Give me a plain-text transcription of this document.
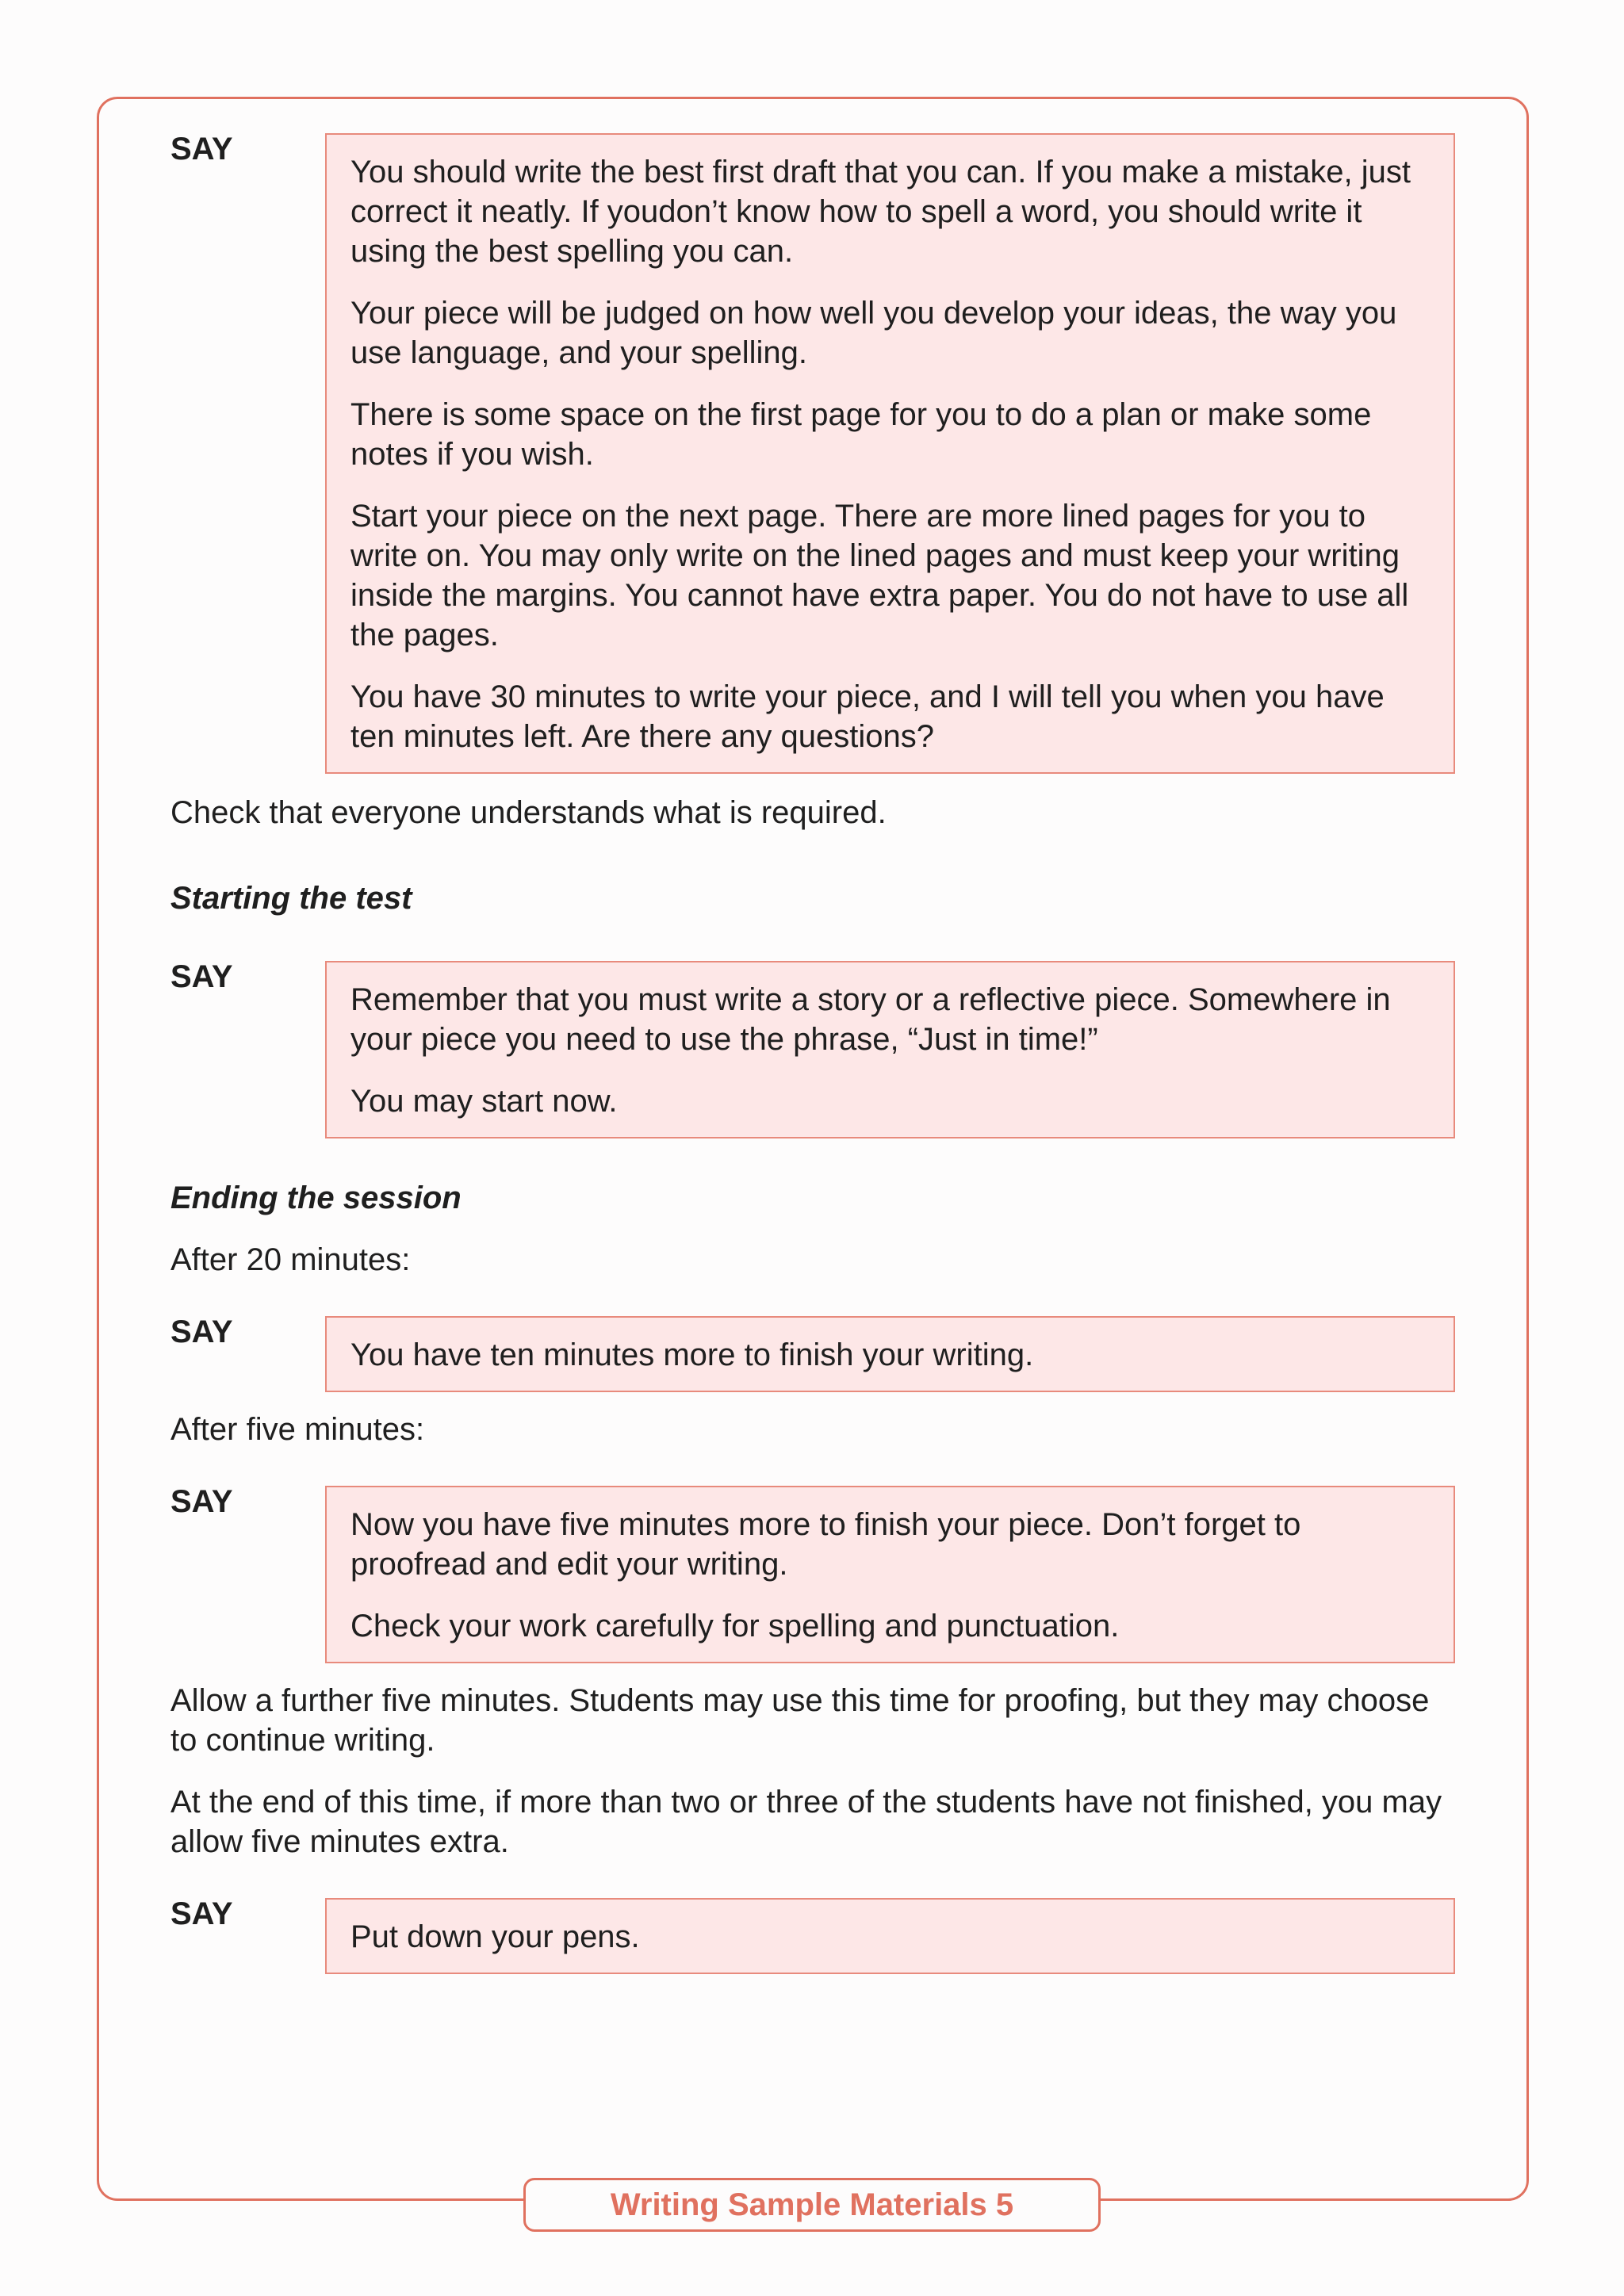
SAY

You should write the best first draft that you can. If you make a mistake, just correct it neatly. If youdon’t know how to spell a word, you should write it using the best spelling you can.

Your piece will be judged on how well you develop your ideas, the way you use language, and your spelling.

There is some space on the first page for you to do a plan or make some notes if you wish.

Start your piece on the next page. There are more lined pages for you to write on. You may only write on the lined pages and must keep your writing inside the margins. You cannot have extra paper. You do not have to use all the pages.

You have 30 minutes to write your piece, and I will tell you when you have ten minutes left. Are there any questions?

Check that everyone understands what is required.

Starting the test

SAY

Remember that you must write a story or a reflective piece. Somewhere in your piece you need to use the phrase, “Just in time!”

You may start now.

Ending the session

After 20 minutes:

SAY

You have ten minutes more to finish your writing.

After five minutes:

SAY

Now you have five minutes more to finish your piece. Don’t forget to proofread and edit your writing.

Check your work carefully for spelling and punctuation.

Allow a further five minutes. Students may use this time for proofing, but they may choose to continue writing.

At the end of this time, if more than two or three of the students have not finished, you may allow five minutes extra.

SAY

Put down your pens.

Writing Sample Materials 5
